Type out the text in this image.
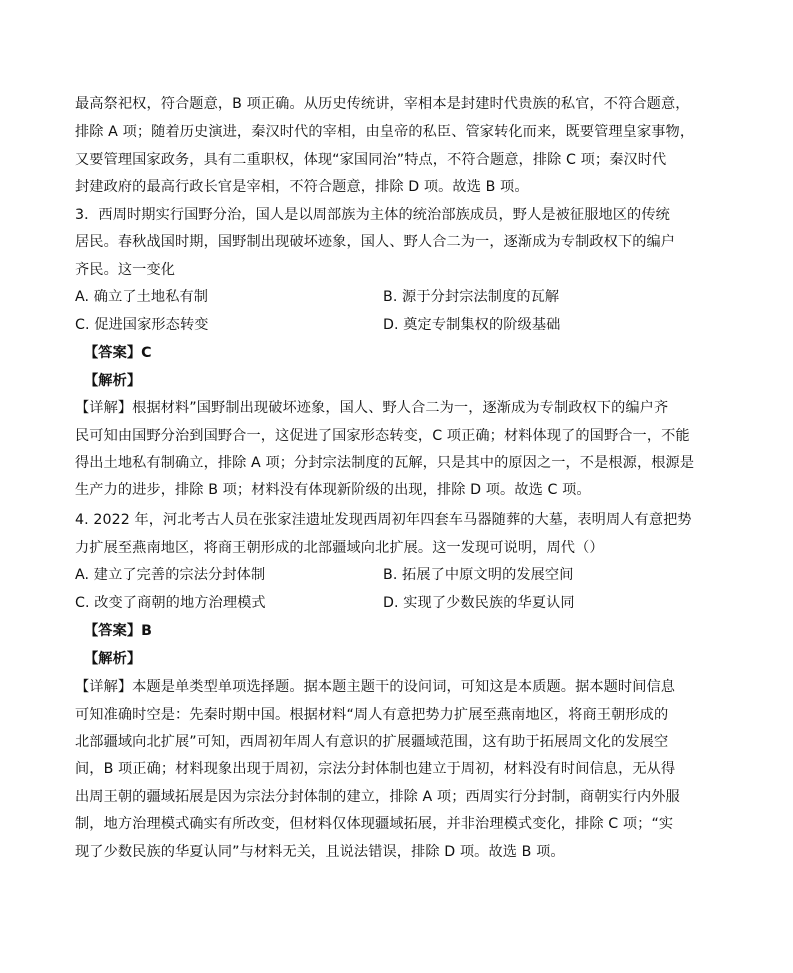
最高祭祀权，符合题意，B 项正确。从历史传统讲，宰相本是封建时代贵族的私官，不符合题意，
排除 A 项；随着历史演进，秦汉时代的宰相，由皇帝的私臣、管家转化而来，既要管理皇家事物，
又要管理国家政务，具有二重职权，体现“家国同治”特点，不符合题意，排除 C 项；秦汉时代
封建政府的最高行政长官是宰相，不符合题意，排除 D 项。故选 B 项。
3．西周时期实行国野分治，国人是以周部族为主体的统治部族成员，野人是被征服地区的传统
居民。春秋战国时期，国野制出现破坏迹象，国人、野人合二为一，逐渐成为专制政权下的编户
齐民。这一变化
A. 确立了土地私有制	B. 源于分封宗法制度的瓦解
C. 促进国家形态转变	D. 奠定专制集权的阶级基础
【答案】C
【解析】
【详解】根据材料”国野制出现破坏迹象，国人、野人合二为一，逐渐成为专制政权下的编户齐
民可知由国野分治到国野合一，这促进了国家形态转变，C 项正确；材料体现了的国野合一，不能
得出土地私有制确立，排除 A 项；分封宗法制度的瓦解，只是其中的原因之一，不是根源，根源是
生产力的进步，排除 B 项；材料没有体现新阶级的出现，排除 D 项。故选 C 项。
4. 2022 年，河北考古人员在张家洼遗址发现西周初年四套车马器随葬的大墓，表明周人有意把势
力扩展至燕南地区，将商王朝形成的北部疆域向北扩展。这一发现可说明，周代（）
A. 建立了完善的宗法分封体制	B. 拓展了中原文明的发展空间
C. 改变了商朝的地方治理模式	D. 实现了少数民族的华夏认同
【答案】B
【解析】
【详解】本题是单类型单项选择题。据本题主题干的设问词，可知这是本质题。据本题时间信息
可知准确时空是：先秦时期中国。根据材料“周人有意把势力扩展至燕南地区，将商王朝形成的
北部疆域向北扩展”可知，西周初年周人有意识的扩展疆域范围，这有助于拓展周文化的发展空
间，B 项正确；材料现象出现于周初，宗法分封体制也建立于周初，材料没有时间信息，无从得
出周王朝的疆域拓展是因为宗法分封体制的建立，排除 A 项；西周实行分封制，商朝实行内外服
制，地方治理模式确实有所改变，但材料仅体现疆域拓展，并非治理模式变化，排除 C 项；“实
现了少数民族的华夏认同”与材料无关，且说法错误，排除 D 项。故选 B 项。
